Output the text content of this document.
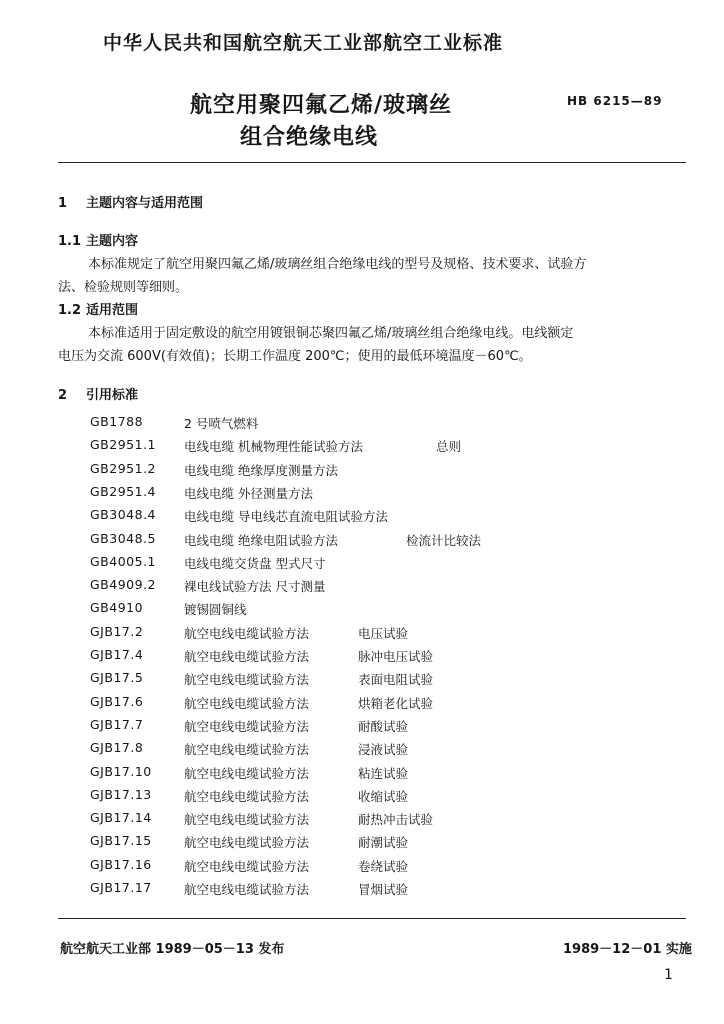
中华人民共和国航空航天工业部航空工业标准
航空用聚四氟乙烯/玻璃丝
组合绝缘电线
HB 6215—89
1 主题内容与适用范围
1.1 主题内容
本标准规定了航空用聚四氟乙烯/玻璃丝组合绝缘电线的型号及规格、技术要求、试验方
法、检验规则等细则。
1.2 适用范围
本标准适用于固定敷设的航空用镀银铜芯聚四氟乙烯/玻璃丝组合绝缘电线。电线额定
电压为交流 600V(有效值)；长期工作温度 200℃；使用的最低环境温度－60℃。
2 引用标准
GB1788	2 号喷气燃料
GB2951.1 电线电缆 机械物理性能试验方法	总则
GB2951.2 电线电缆 绝缘厚度测量方法
GB2951.4 电线电缆 外径测量方法
GB3048.4 电线电缆 导电线芯直流电阻试验方法
GB3048.5 电线电缆 绝缘电阻试验方法	检流计比较法
GB4005.1 电线电缆交货盘 型式尺寸
GB4909.2 裸电线试验方法 尺寸测量
GB4910	镀锡圆铜线
GJB17.2	航空电线电缆试验方法	电压试验
GJB17.4	航空电线电缆试验方法	脉冲电压试验
GJB17.5	航空电线电缆试验方法	表面电阻试验
GJB17.6	航空电线电缆试验方法	烘箱老化试验
GJB17.7	航空电线电缆试验方法	耐酸试验
GJB17.8	航空电线电缆试验方法	浸液试验
GJB17.10	航空电线电缆试验方法	粘连试验
GJB17.13	航空电线电缆试验方法	收缩试验
GJB17.14	航空电线电缆试验方法	耐热冲击试验
GJB17.15	航空电线电缆试验方法	耐潮试验
GJB17.16	航空电线电缆试验方法	卷绕试验
GJB17.17	航空电线电缆试验方法	冒烟试验
航空航天工业部 1989－05－13 发布	1989－12－01 实施
1
